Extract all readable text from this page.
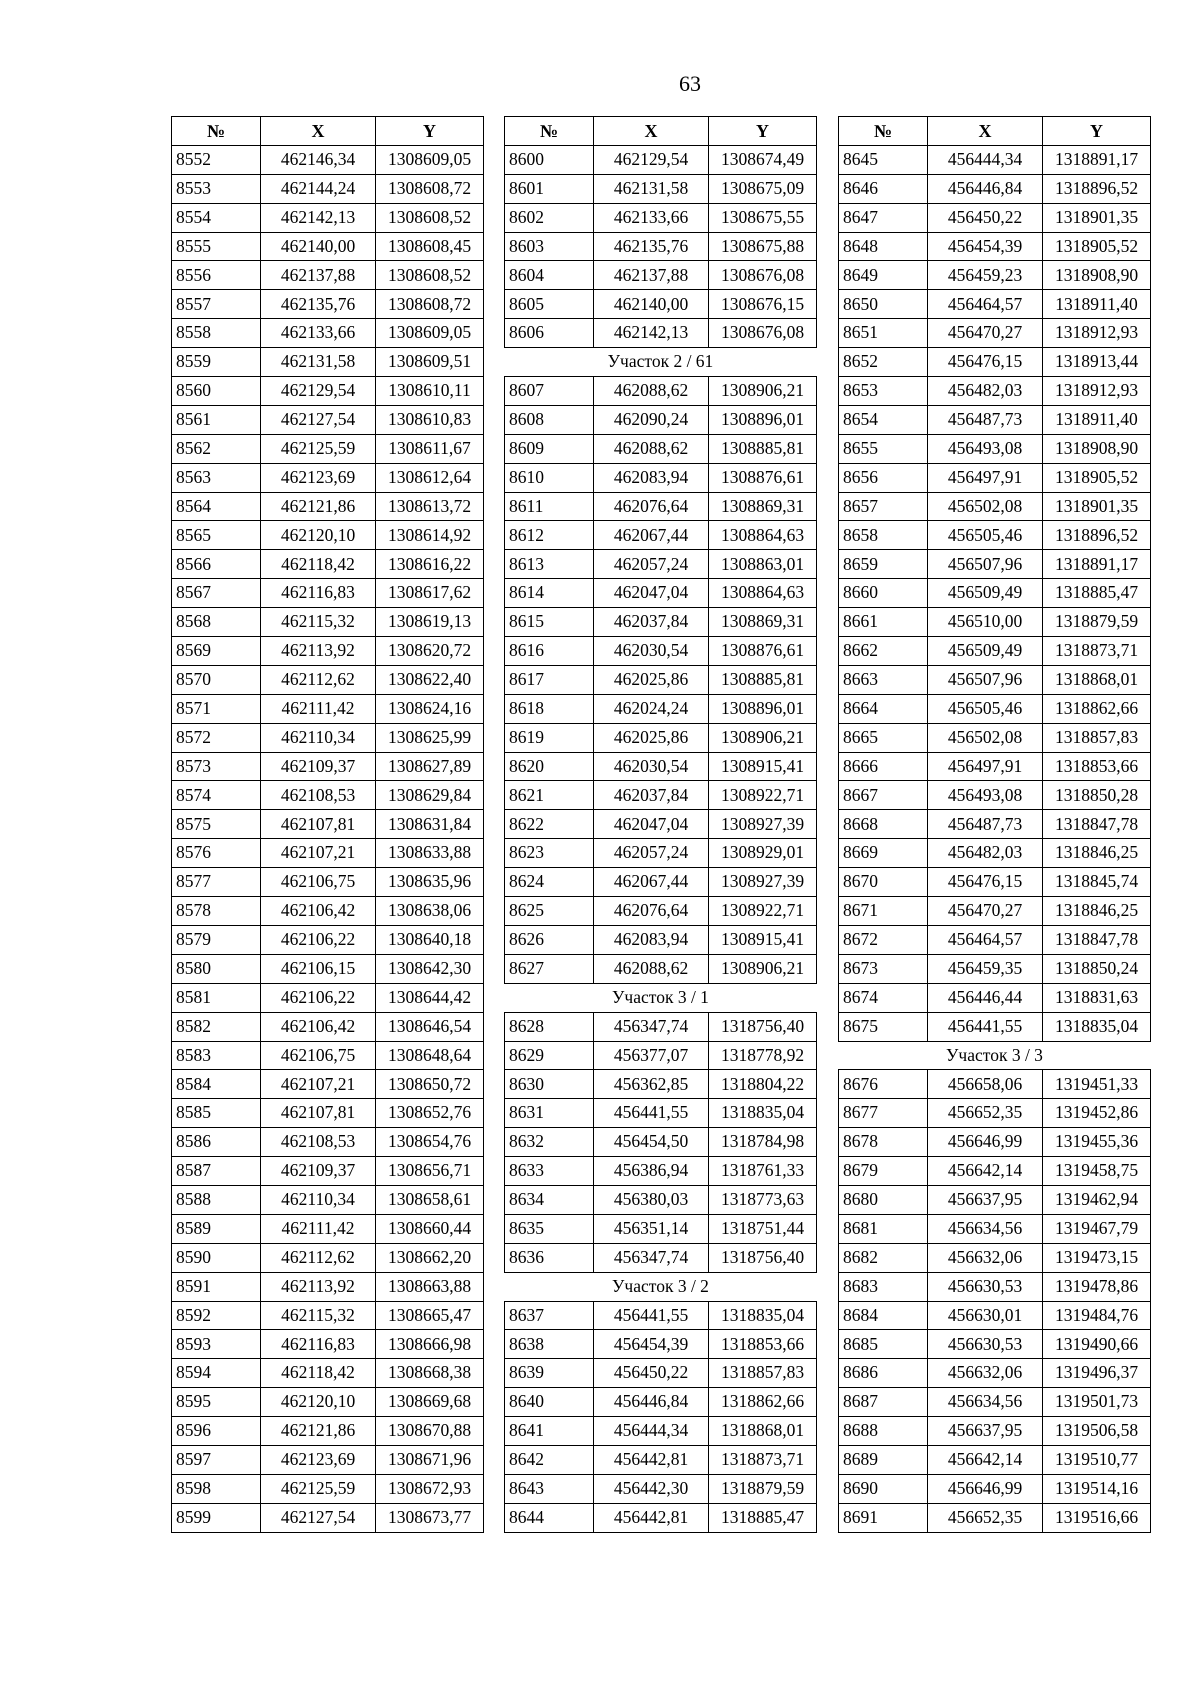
63
№	X	Y
8552	462146,34	1308609,05
8553	462144,24	1308608,72
8554	462142,13	1308608,52
8555	462140,00	1308608,45
8556	462137,88	1308608,52
8557	462135,76	1308608,72
8558	462133,66	1308609,05
8559	462131,58	1308609,51
8560	462129,54	1308610,11
8561	462127,54	1308610,83
8562	462125,59	1308611,67
8563	462123,69	1308612,64
8564	462121,86	1308613,72
8565	462120,10	1308614,92
8566	462118,42	1308616,22
8567	462116,83	1308617,62
8568	462115,32	1308619,13
8569	462113,92	1308620,72
8570	462112,62	1308622,40
8571	462111,42	1308624,16
8572	462110,34	1308625,99
8573	462109,37	1308627,89
8574	462108,53	1308629,84
8575	462107,81	1308631,84
8576	462107,21	1308633,88
8577	462106,75	1308635,96
8578	462106,42	1308638,06
8579	462106,22	1308640,18
8580	462106,15	1308642,30
8581	462106,22	1308644,42
8582	462106,42	1308646,54
8583	462106,75	1308648,64
8584	462107,21	1308650,72
8585	462107,81	1308652,76
8586	462108,53	1308654,76
8587	462109,37	1308656,71
8588	462110,34	1308658,61
8589	462111,42	1308660,44
8590	462112,62	1308662,20
8591	462113,92	1308663,88
8592	462115,32	1308665,47
8593	462116,83	1308666,98
8594	462118,42	1308668,38
8595	462120,10	1308669,68
8596	462121,86	1308670,88
8597	462123,69	1308671,96
8598	462125,59	1308672,93
8599	462127,54	1308673,77
№	X	Y
8600	462129,54	1308674,49
8601	462131,58	1308675,09
8602	462133,66	1308675,55
8603	462135,76	1308675,88
8604	462137,88	1308676,08
8605	462140,00	1308676,15
8606	462142,13	1308676,08
Участок 2 / 61		
8607	462088,62	1308906,21
8608	462090,24	1308896,01
8609	462088,62	1308885,81
8610	462083,94	1308876,61
8611	462076,64	1308869,31
8612	462067,44	1308864,63
8613	462057,24	1308863,01
8614	462047,04	1308864,63
8615	462037,84	1308869,31
8616	462030,54	1308876,61
8617	462025,86	1308885,81
8618	462024,24	1308896,01
8619	462025,86	1308906,21
8620	462030,54	1308915,41
8621	462037,84	1308922,71
8622	462047,04	1308927,39
8623	462057,24	1308929,01
8624	462067,44	1308927,39
8625	462076,64	1308922,71
8626	462083,94	1308915,41
8627	462088,62	1308906,21
Участок 3 / 1		
8628	456347,74	1318756,40
8629	456377,07	1318778,92
8630	456362,85	1318804,22
8631	456441,55	1318835,04
8632	456454,50	1318784,98
8633	456386,94	1318761,33
8634	456380,03	1318773,63
8635	456351,14	1318751,44
8636	456347,74	1318756,40
Участок 3 / 2		
8637	456441,55	1318835,04
8638	456454,39	1318853,66
8639	456450,22	1318857,83
8640	456446,84	1318862,66
8641	456444,34	1318868,01
8642	456442,81	1318873,71
8643	456442,30	1318879,59
8644	456442,81	1318885,47
№	X	Y
8645	456444,34	1318891,17
8646	456446,84	1318896,52
8647	456450,22	1318901,35
8648	456454,39	1318905,52
8649	456459,23	1318908,90
8650	456464,57	1318911,40
8651	456470,27	1318912,93
8652	456476,15	1318913,44
8653	456482,03	1318912,93
8654	456487,73	1318911,40
8655	456493,08	1318908,90
8656	456497,91	1318905,52
8657	456502,08	1318901,35
8658	456505,46	1318896,52
8659	456507,96	1318891,17
8660	456509,49	1318885,47
8661	456510,00	1318879,59
8662	456509,49	1318873,71
8663	456507,96	1318868,01
8664	456505,46	1318862,66
8665	456502,08	1318857,83
8666	456497,91	1318853,66
8667	456493,08	1318850,28
8668	456487,73	1318847,78
8669	456482,03	1318846,25
8670	456476,15	1318845,74
8671	456470,27	1318846,25
8672	456464,57	1318847,78
8673	456459,35	1318850,24
8674	456446,44	1318831,63
8675	456441,55	1318835,04
Участок 3 / 3		
8676	456658,06	1319451,33
8677	456652,35	1319452,86
8678	456646,99	1319455,36
8679	456642,14	1319458,75
8680	456637,95	1319462,94
8681	456634,56	1319467,79
8682	456632,06	1319473,15
8683	456630,53	1319478,86
8684	456630,01	1319484,76
8685	456630,53	1319490,66
8686	456632,06	1319496,37
8687	456634,56	1319501,73
8688	456637,95	1319506,58
8689	456642,14	1319510,77
8690	456646,99	1319514,16
8691	456652,35	1319516,66
